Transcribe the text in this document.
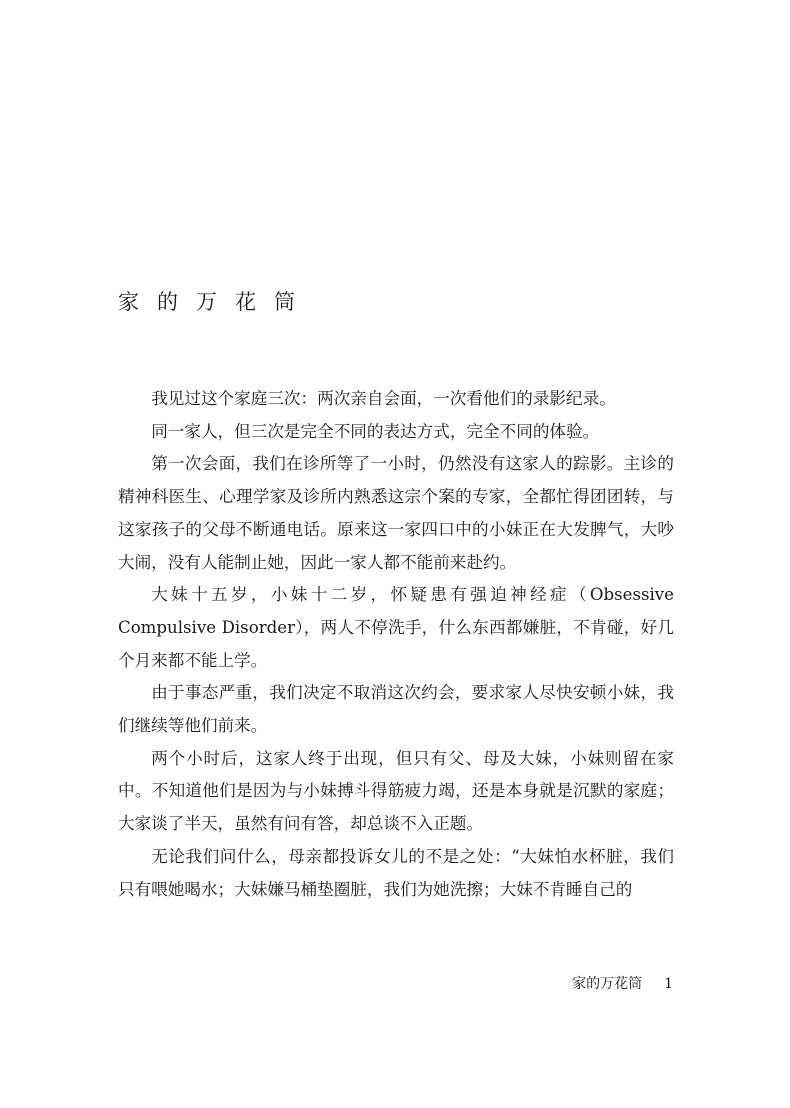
家的万花筒

我见过这个家庭三次：两次亲自会面，一次看他们的录影纪录。

同一家人，但三次是完全不同的表达方式，完全不同的体验。

第一次会面，我们在诊所等了一小时，仍然没有这家人的踪影。主诊的精神科医生、心理学家及诊所内熟悉这宗个案的专家，全都忙得团团转，与这家孩子的父母不断通电话。原来这一家四口中的小妹正在大发脾气，大吵大闹，没有人能制止她，因此一家人都不能前来赴约。

大妹十五岁，小妹十二岁，怀疑患有强迫神经症（Obsessive Compulsive Disorder），两人不停洗手，什么东西都嫌脏，不肯碰，好几个月来都不能上学。

由于事态严重，我们决定不取消这次约会，要求家人尽快安顿小妹，我们继续等他们前来。

两个小时后，这家人终于出现，但只有父、母及大妹，小妹则留在家中。不知道他们是因为与小妹搏斗得筋疲力竭，还是本身就是沉默的家庭；大家谈了半天，虽然有问有答，却总谈不入正题。

无论我们问什么，母亲都投诉女儿的不是之处：“大妹怕水杯脏，我们只有喂她喝水；大妹嫌马桶垫圈脏，我们为她洗擦；大妹不肯睡自己的

家的万花筒 1
